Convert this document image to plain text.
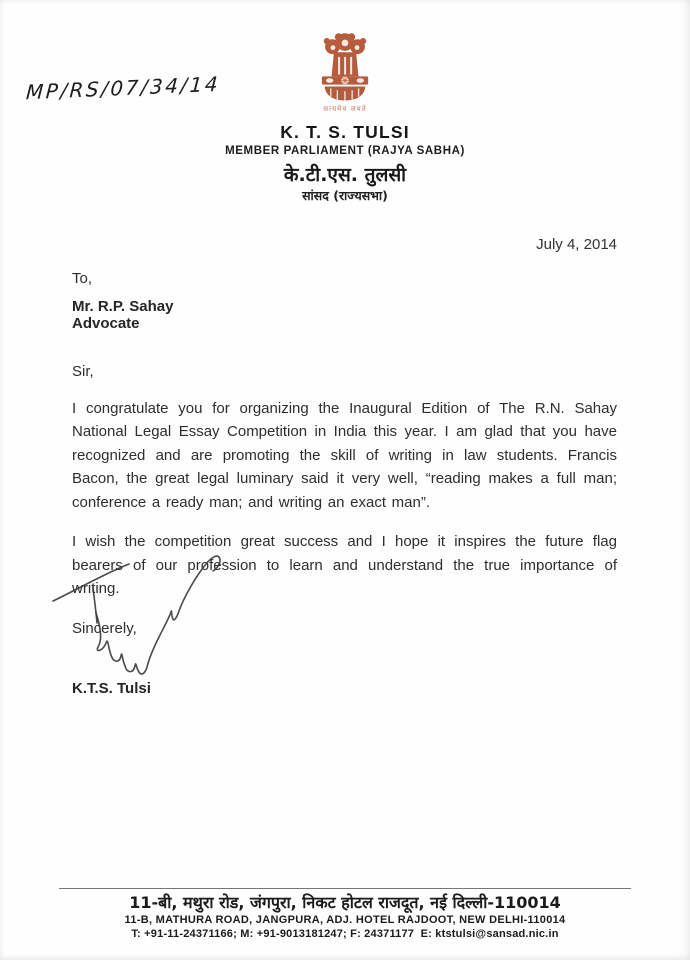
MP/RS/07/34/14
सत्यमेव जयते
K. T. S. TULSI
MEMBER PARLIAMENT (RAJYA SABHA)
के.टी.एस. तुलसी
सांसद (राज्यसभा)
July 4, 2014

To,

Mr. R.P. Sahay

Advocate

Sir,

I congratulate you for organizing the Inaugural Edition of The R.N. Sahay National Legal Essay Competition in India this year. I am glad that you have recognized and are promoting the skill of writing in law students. Francis Bacon, the great legal luminary said it very well, “reading makes a full man; conference a ready man; and writing an exact man”.

I wish the competition great success and I hope it inspires the future flag bearers of our profession to learn and understand the true importance of writing.

Sincerely,

K.T.S. Tulsi

11-बी, मथुरा रोड, जंगपुरा, निकट होटल राजदूत, नई दिल्ली-110014
11-B, MATHURA ROAD, JANGPURA, ADJ. HOTEL RAJDOOT, NEW DELHI-110014
T: +91-11-24371166; M: +91-9013181247; F: 24371177  E: ktstulsi@sansad.nic.in
